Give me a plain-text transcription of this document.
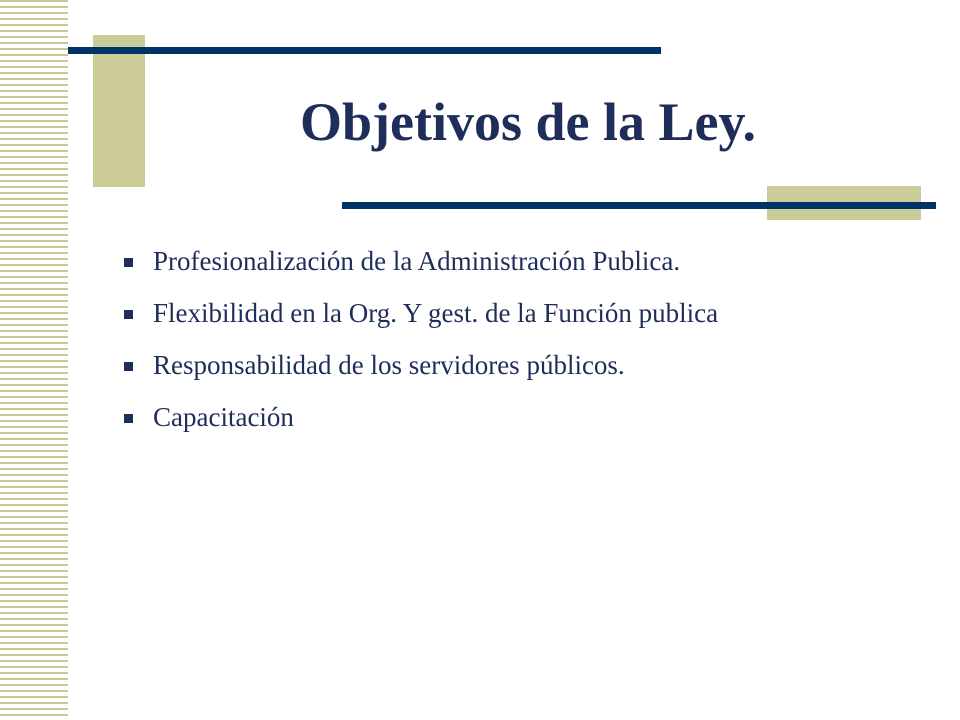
Objetivos de la Ley.
Profesionalización de la Administración Publica.
Flexibilidad en la Org. Y gest. de la Función publica
Responsabilidad de los servidores públicos.
Capacitación
